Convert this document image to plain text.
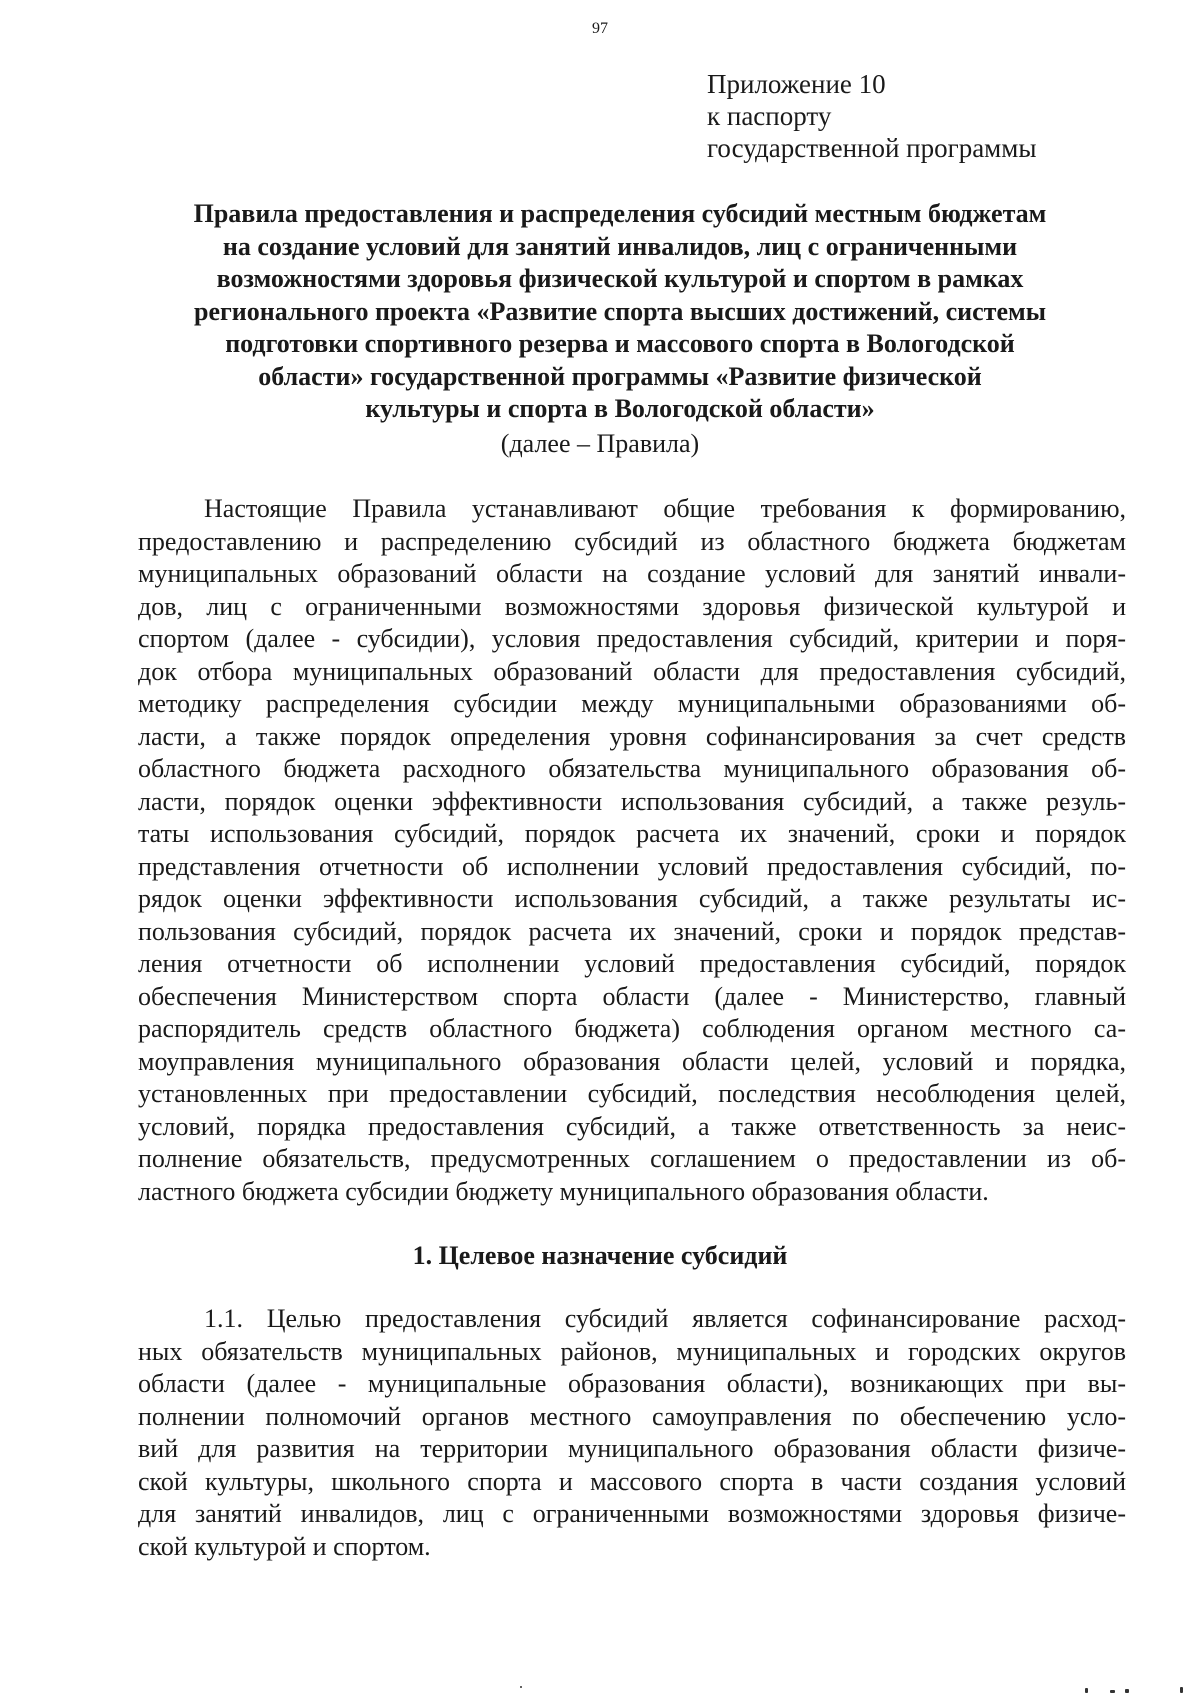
97
Приложение 10
к паспорту
государственной программы
Правила предоставления и распределения субсидий местным бюджетам
на создание условий для занятий инвалидов, лиц с ограниченными
возможностями здоровья физической культурой и спортом в рамках
регионального проекта «Развитие спорта высших достижений, системы
подготовки спортивного резерва и массового спорта в Вологодской
области» государственной программы «Развитие физической
культуры и спорта в Вологодской области»
(далее – Правила)
Настоящие Правила устанавливают общие требования к формированию,
предоставлению и распределению субсидий из областного бюджета бюджетам
муниципальных образований области на создание условий для занятий инвали-
дов, лиц с ограниченными возможностями здоровья физической культурой и
спортом (далее - субсидии), условия предоставления субсидий, критерии и поря-
док отбора муниципальных образований области для предоставления субсидий,
методику распределения субсидии между муниципальными образованиями об-
ласти, а также порядок определения уровня софинансирования за счет средств
областного бюджета расходного обязательства муниципального образования об-
ласти, порядок оценки эффективности использования субсидий, а также резуль-
таты использования субсидий, порядок расчета их значений, сроки и порядок
представления отчетности об исполнении условий предоставления субсидий, по-
рядок оценки эффективности использования субсидий, а также результаты ис-
пользования субсидий, порядок расчета их значений, сроки и порядок представ-
ления отчетности об исполнении условий предоставления субсидий, порядок
обеспечения Министерством спорта области (далее - Министерство, главный
распорядитель средств областного бюджета) соблюдения органом местного са-
моуправления муниципального образования области целей, условий и порядка,
установленных при предоставлении субсидий, последствия несоблюдения целей,
условий, порядка предоставления субсидий, а также ответственность за неис-
полнение обязательств, предусмотренных соглашением о предоставлении из об-
ластного бюджета субсидии бюджету муниципального образования области.
1. Целевое назначение субсидий
1.1. Целью предоставления субсидий является софинансирование расход-
ных обязательств муниципальных районов, муниципальных и городских округов
области (далее - муниципальные образования области), возникающих при вы-
полнении полномочий органов местного самоуправления по обеспечению усло-
вий для развития на территории муниципального образования области физиче-
ской культуры, школьного спорта и массового спорта в части создания условий
для занятий инвалидов, лиц с ограниченными возможностями здоровья физиче-
ской культурой и спортом.
